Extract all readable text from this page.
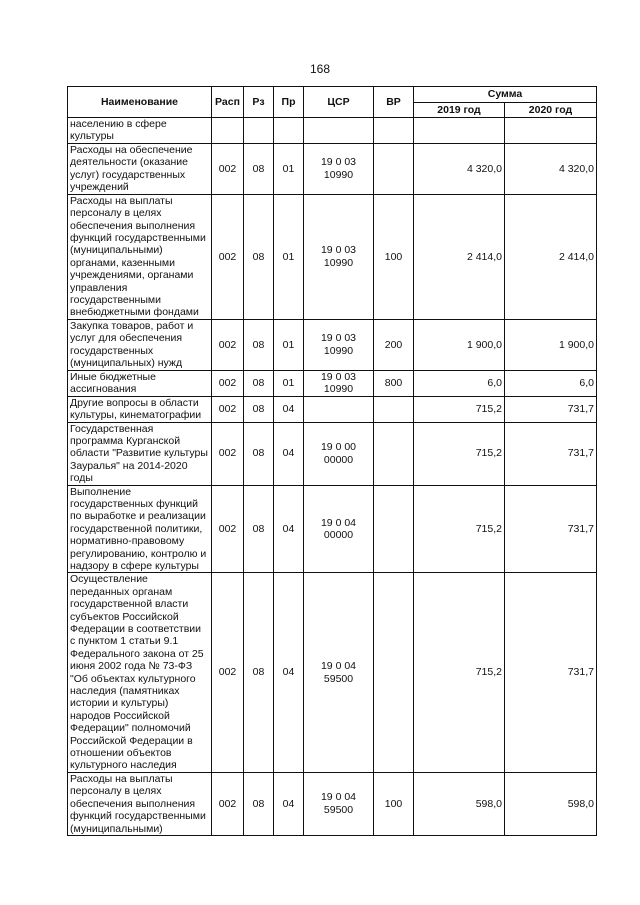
168
Наименование	Расп	Рз	Пр	ЦСР	ВР	Сумма	
						2019 год	2020 год
населению в сфере культуры							
Расходы на обеспечение деятельности (оказание услуг) государственных учреждений	002	08	01	19 0 03 10990		4 320,0	4 320,0
Расходы на выплаты персоналу в целях обеспечения выполнения функций государственными (муниципальными) органами, казенными учреждениями, органами управления государственными внебюджетными фондами	002	08	01	19 0 03 10990	100	2 414,0	2 414,0
Закупка товаров, работ и услуг для обеспечения государственных (муниципальных) нужд	002	08	01	19 0 03 10990	200	1 900,0	1 900,0
Иные бюджетные ассигнования	002	08	01	19 0 03 10990	800	6,0	6,0
Другие вопросы в области культуры, кинематографии	002	08	04			715,2	731,7
Государственная программа Курганской области "Развитие культуры Зауралья" на 2014-2020 годы	002	08	04	19 0 00 00000		715,2	731,7
Выполнение государственных функций по выработке и реализации государственной политики, нормативно-правовому регулированию, контролю и надзору в сфере культуры	002	08	04	19 0 04 00000		715,2	731,7
Осуществление переданных органам государственной власти субъектов Российской Федерации в соответствии с пунктом 1 статьи 9.1 Федерального закона от 25 июня 2002 года № 73-ФЗ "Об объектах культурного наследия (памятниках истории и культуры) народов Российской Федерации" полномочий Российской Федерации в отношении объектов культурного наследия	002	08	04	19 0 04 59500		715,2	731,7
Расходы на выплаты персоналу в целях обеспечения выполнения функций государственными (муниципальными)	002	08	04	19 0 04 59500	100	598,0	598,0
